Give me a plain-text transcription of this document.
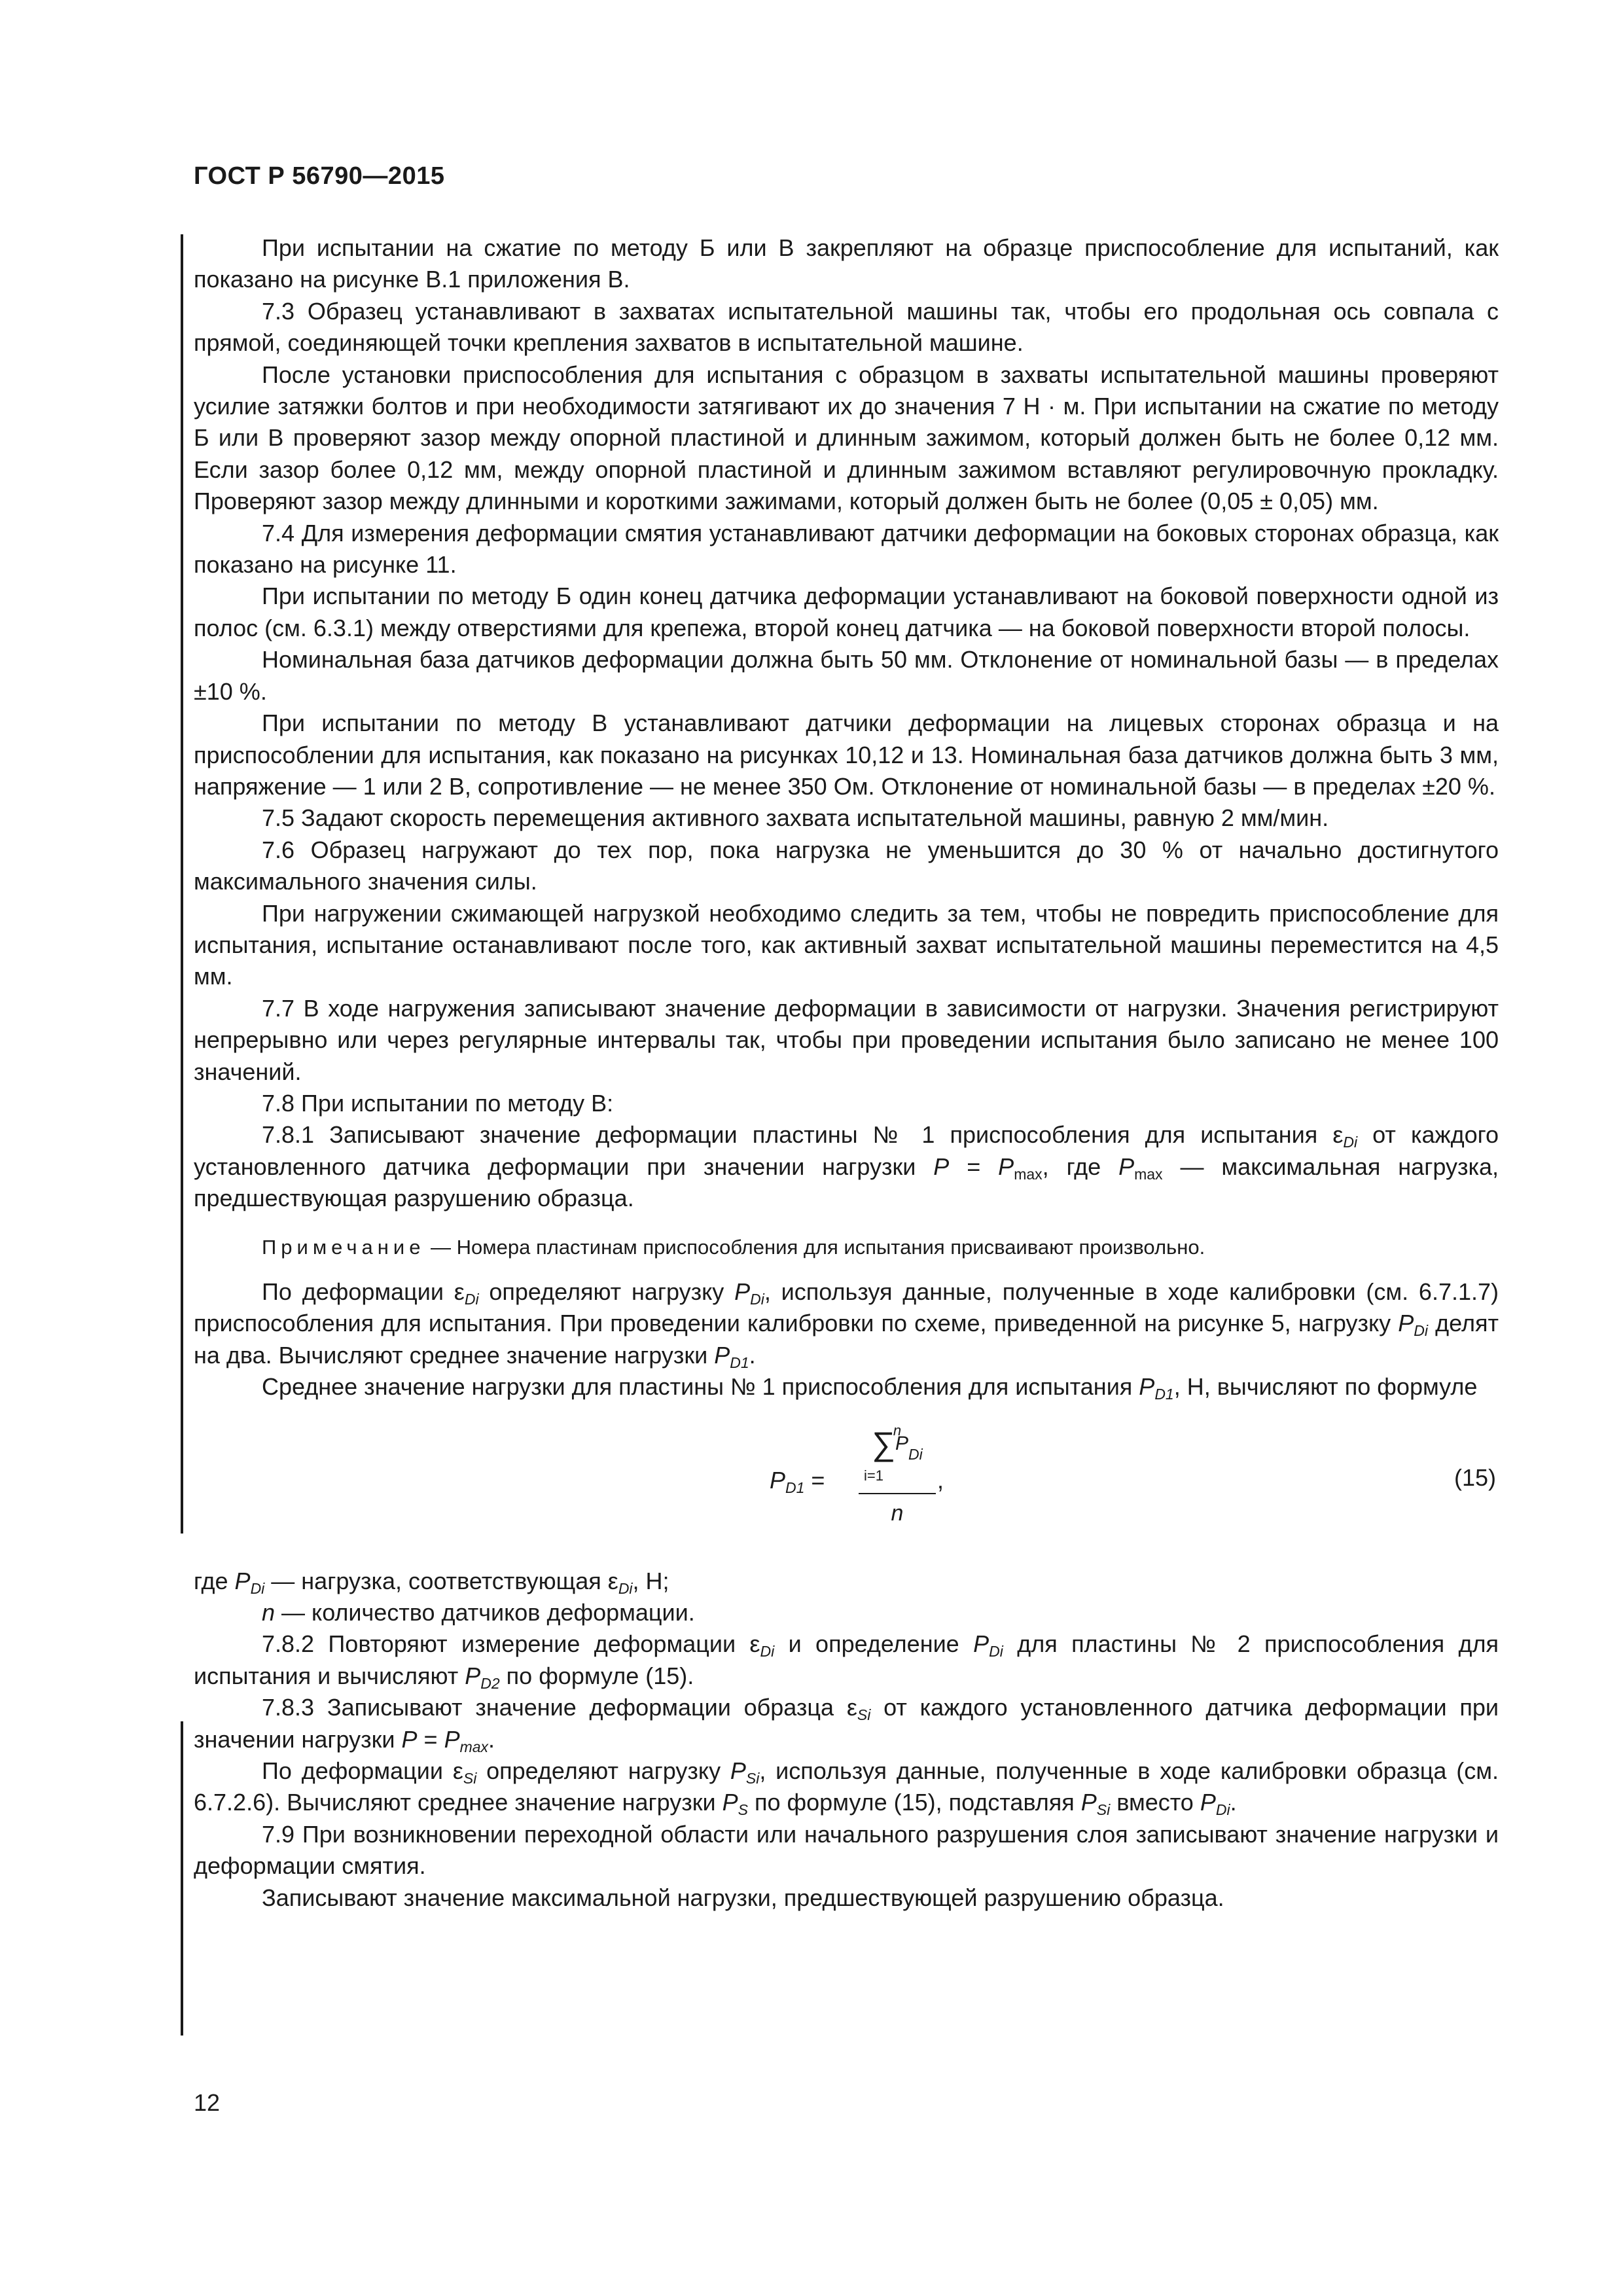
ГОСТ Р 56790—2015

При испытании на сжатие по методу Б или В закрепляют на образце приспособление для испытаний, как показано на рисунке В.1 приложения В.

7.3 Образец устанавливают в захватах испытательной машины так, чтобы его продольная ось совпала с прямой, соединяющей точки крепления захватов в испытательной машине.

После установки приспособления для испытания с образцом в захваты испытательной машины проверяют усилие затяжки болтов и при необходимости затягивают их до значения 7 Н · м. При испытании на сжатие по методу Б или В проверяют зазор между опорной пластиной и длинным зажимом, который должен быть не более 0,12 мм. Если зазор более 0,12 мм, между опорной пластиной и длинным зажимом вставляют регулировочную прокладку. Проверяют зазор между длинными и короткими зажимами, который должен быть не более (0,05 ± 0,05) мм.

7.4 Для измерения деформации смятия устанавливают датчики деформации на боковых сторонах образца, как показано на рисунке 11.

При испытании по методу Б один конец датчика деформации устанавливают на боковой поверхности одной из полос (см. 6.3.1) между отверстиями для крепежа, второй конец датчика — на боковой поверхности второй полосы.

Номинальная база датчиков деформации должна быть 50 мм. Отклонение от номинальной базы — в пределах ±10 %.

При испытании по методу В устанавливают датчики деформации на лицевых сторонах образца и на приспособлении для испытания, как показано на рисунках 10,12 и 13. Номинальная база датчиков должна быть 3 мм, напряжение — 1 или 2 В, сопротивление — не менее 350 Ом. Отклонение от номинальной базы — в пределах ±20 %.

7.5 Задают скорость перемещения активного захвата испытательной машины, равную 2 мм/мин.

7.6 Образец нагружают до тех пор, пока нагрузка не уменьшится до 30 % от начально достигнутого максимального значения силы.

При нагружении сжимающей нагрузкой необходимо следить за тем, чтобы не повредить приспособление для испытания, испытание останавливают после того, как активный захват испытательной машины переместится на 4,5 мм.

7.7 В ходе нагружения записывают значение деформации в зависимости от нагрузки. Значения регистрируют непрерывно или через регулярные интервалы так, чтобы при проведении испытания было записано не менее 100 значений.

7.8 При испытании по методу В:

7.8.1 Записывают значение деформации пластины № 1 приспособления для испытания $\varepsilon_{Di}$ от каждого установленного датчика деформации при значении нагрузки $P = P_{max}$, где $P_{max}$ — максимальная нагрузка, предшествующая разрушению образца.

Примечание — Номера пластинам приспособления для испытания присваивают произвольно.

По деформации $\varepsilon_{Di}$ определяют нагрузку $P_{Di}$, используя данные, полученные в ходе калибровки (см. 6.7.1.7) приспособления для испытания. При проведении калибровки по схеме, приведенной на рисунке 5, нагрузку $P_{Di}$ делят на два. Вычисляют среднее значение нагрузки $P_{D1}$.

Среднее значение нагрузки для пластины № 1 приспособления для испытания $P_{D1}$, Н, вычисляют по формуле

$P_{D1}$ =
n
∑$^P_{Di}$
i=1
n
,	(15)

где $P_{Di}$ — нагрузка, соответствующая $\varepsilon_{Di}$, Н;

n — количество датчиков деформации.

7.8.2 Повторяют измерение деформации $\varepsilon_{Di}$ и определение $P_{Di}$ для пластины № 2 приспособления для испытания и вычисляют $P_{D2}$ по формуле (15).

7.8.3 Записывают значение деформации образца $\varepsilon_{Si}$ от каждого установленного датчика деформации при значении нагрузки $P = P_{max}$.

По деформации $\varepsilon_{Si}$ определяют нагрузку $P_{Si}$, используя данные, полученные в ходе калибровки образца (см. 6.7.2.6). Вычисляют среднее значение нагрузки $P_S$ по формуле (15), подставляя $P_{Si}$ вместо $P_{Di}$.

7.9 При возникновении переходной области или начального разрушения слоя записывают значение нагрузки и деформации смятия.

Записывают значение максимальной нагрузки, предшествующей разрушению образца.

12
